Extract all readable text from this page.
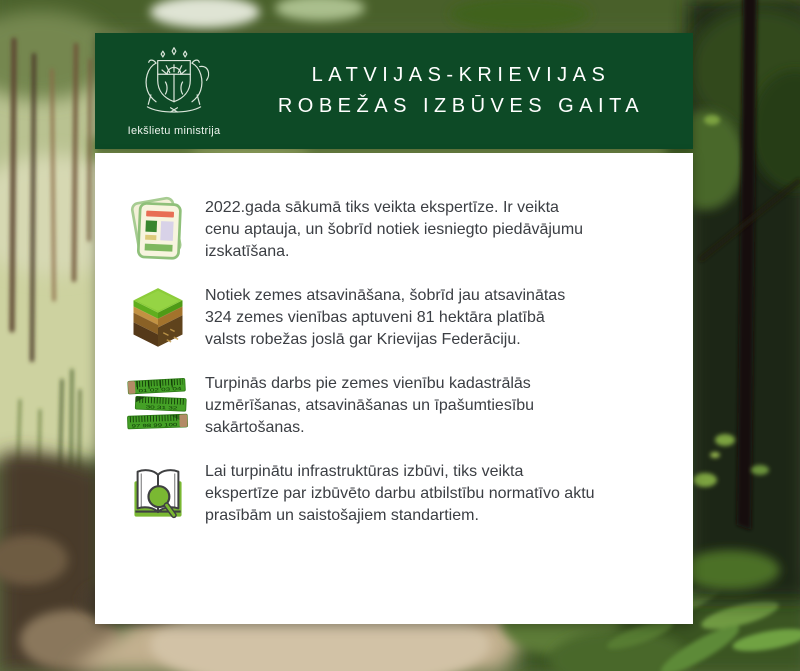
Iekšlietu ministrija
LATVIJAS-KRIEVIJAS
ROBEŽAS IZBŪVES GAITA
2022.gada sākumā tiks veikta ekspertīze. Ir veikta
cenu aptauja, un šobrīd notiek iesniegto piedāvājumu
izskatīšana.
Notiek zemes atsavināšana, šobrīd jau atsavinātas
324 zemes vienības aptuveni 81 hektāra platībā
valsts robežas joslā gar Krievijas Federāciju.
01 02 03 04
30 31 32
97 98 99 100
Turpinās darbs pie zemes vienību kadastrālās
uzmērīšanas, atsavināšanas un īpašumtiesību
sakārtošanas.
Lai turpinātu infrastruktūras izbūvi, tiks veikta
ekspertīze par izbūvēto darbu atbilstību normatīvo aktu
prasībām un saistošajiem standartiem.
